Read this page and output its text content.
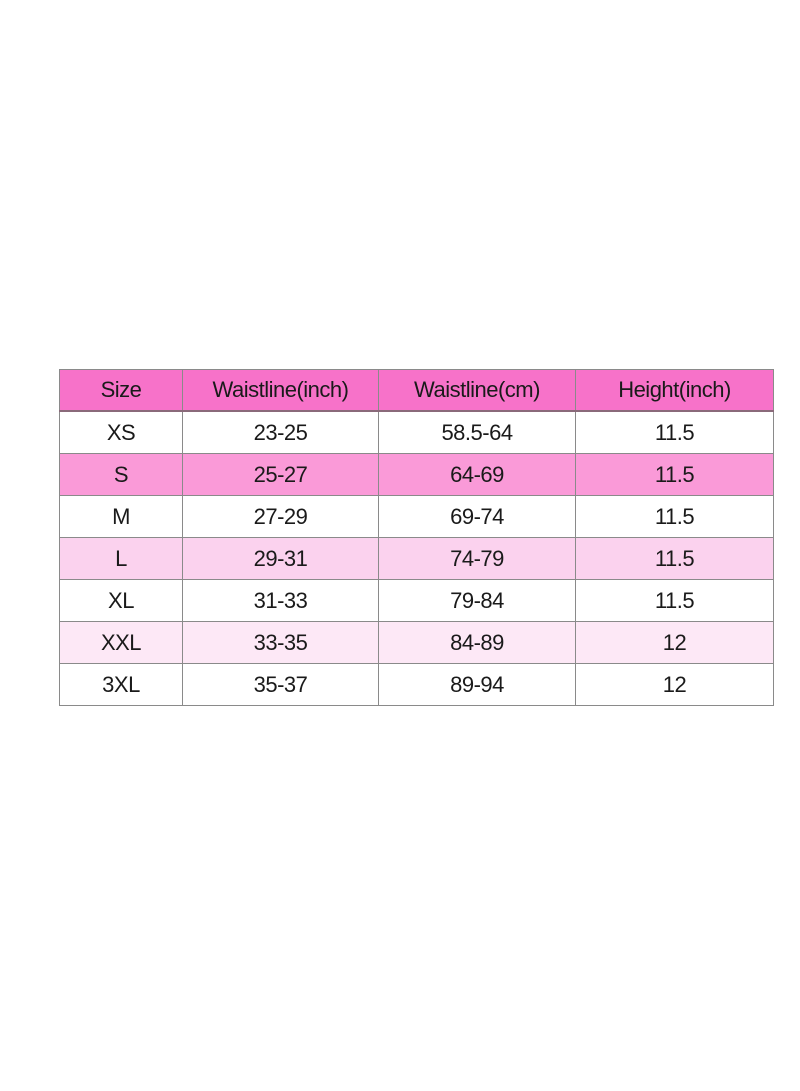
Size	Waistline(inch)	Waistline(cm)	Height(inch)
XS	23-25	58.5-64	11.5
S	25-27	64-69	11.5
M	27-29	69-74	11.5
L	29-31	74-79	11.5
XL	31-33	79-84	11.5
XXL	33-35	84-89	12
3XL	35-37	89-94	12
